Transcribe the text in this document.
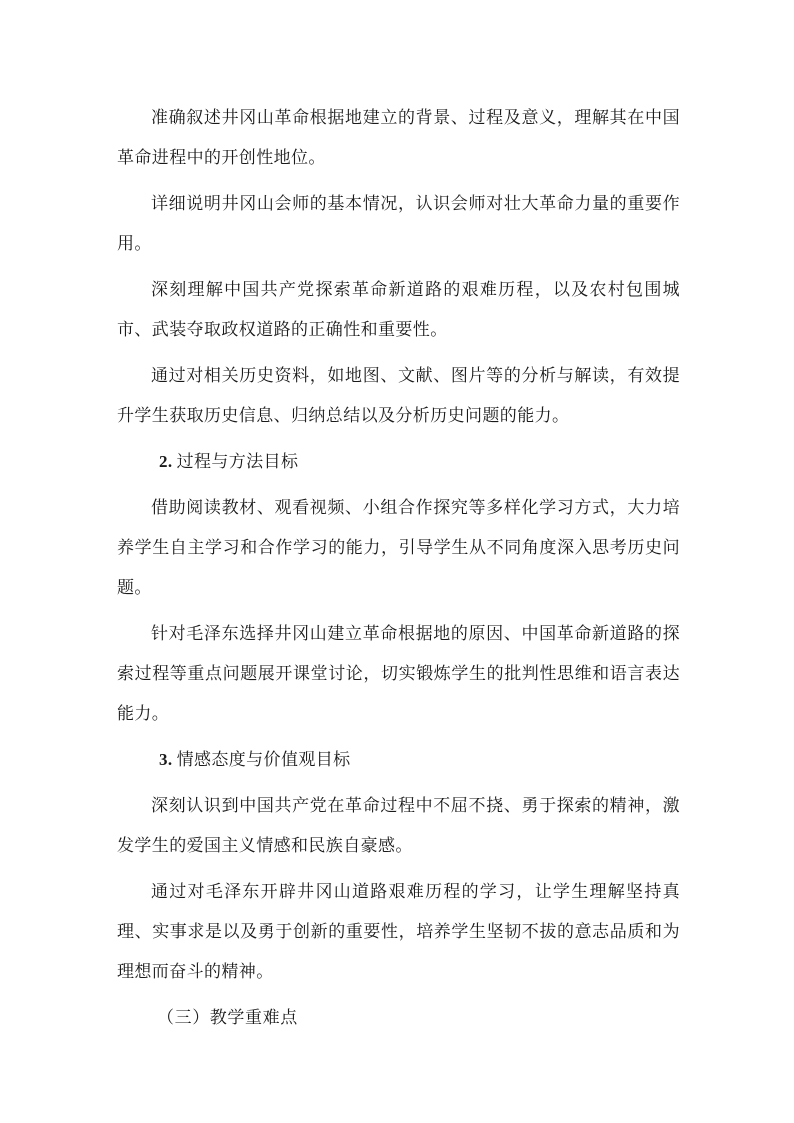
准确叙述井冈山革命根据地建立的背景、过程及意义，理解其在中国革命进程中的开创性地位。

详细说明井冈山会师的基本情况，认识会师对壮大革命力量的重要作用。

深刻理解中国共产党探索革命新道路的艰难历程，以及农村包围城市、武装夺取政权道路的正确性和重要性。

通过对相关历史资料，如地图、文献、图片等的分析与解读，有效提升学生获取历史信息、归纳总结以及分析历史问题的能力。

2. 过程与方法目标

借助阅读教材、观看视频、小组合作探究等多样化学习方式，大力培养学生自主学习和合作学习的能力，引导学生从不同角度深入思考历史问题。

针对毛泽东选择井冈山建立革命根据地的原因、中国革命新道路的探索过程等重点问题展开课堂讨论，切实锻炼学生的批判性思维和语言表达能力。

3. 情感态度与价值观目标

深刻认识到中国共产党在革命过程中不屈不挠、勇于探索的精神，激发学生的爱国主义情感和民族自豪感。

通过对毛泽东开辟井冈山道路艰难历程的学习，让学生理解坚持真理、实事求是以及勇于创新的重要性，培养学生坚韧不拔的意志品质和为理想而奋斗的精神。

（三）教学重难点
